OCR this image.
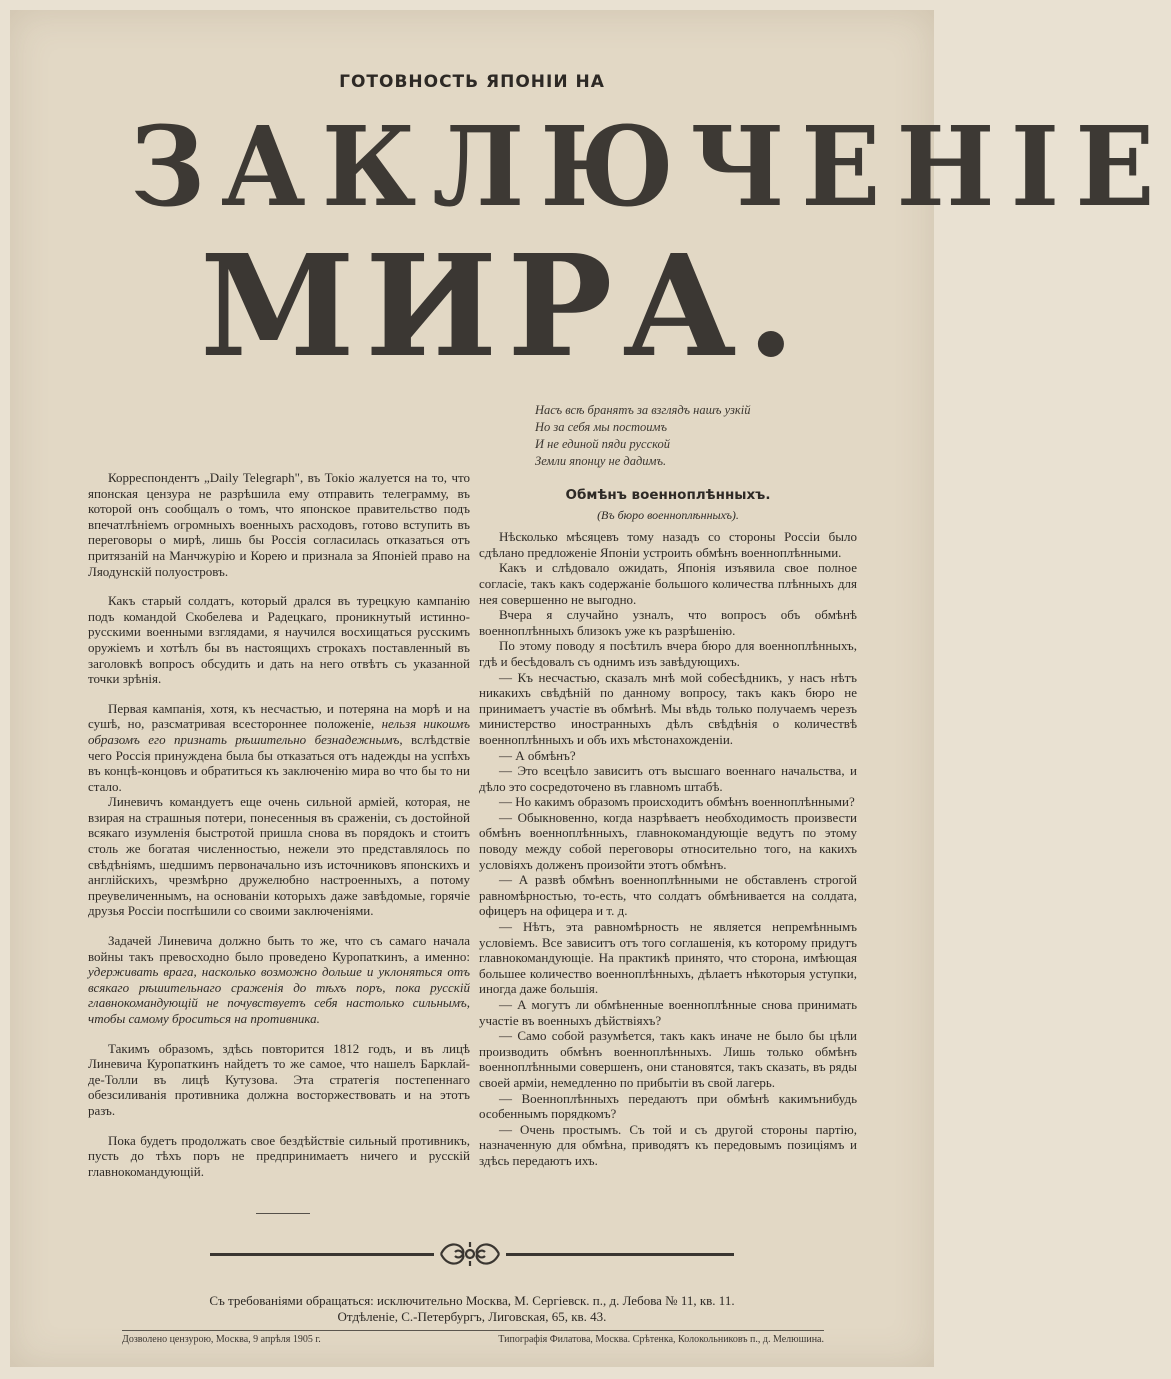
ГОТОВНОСТЬ ЯПОНІИ НА
ЗАКЛЮЧЕНІЕ
МИРА.
Насъ всѣ бранятъ за взглядъ нашъ узкій
Но за себя мы постоимъ
И не единой пяди русской
Земли японцу не дадимъ.

Корреспондентъ „Daily Telegraph", въ Токіо жалуется на то, что японская цензура не разрѣшила ему отправить телеграмму, въ которой онъ сообщалъ о томъ, что японское правительство подъ впечатлѣніемъ огромныхъ военныхъ расходовъ, готово вступить въ переговоры о мирѣ, лишь бы Россія согласилась отказаться отъ притязаній на Манчжурію и Корею и признала за Японіей право на Ляодунскій полуостровъ.

Какъ старый солдатъ, который дрался въ турецкую кампанію подъ командой Скобелева и Радецкаго, проникнутый истинно-русскими военными взглядами, я научился восхищаться русскимъ оружіемъ и хотѣлъ бы въ настоящихъ строкахъ поставленный въ заголовкѣ вопросъ обсудить и дать на него отвѣтъ съ указанной точки зрѣнія.

Первая кампанія, хотя, къ несчастью, и потеряна на морѣ и на сушѣ, но, разсматривая всестороннее положеніе, нельзя никоимъ образомъ его признать рѣшительно безнадежнымъ, вслѣдствіе чего Россія принуждена была бы отказаться отъ надежды на успѣхъ въ концѣ-концовъ и обратиться къ заключенію мира во что бы то ни стало.

Линевичъ командуетъ еще очень сильной арміей, которая, не взирая на страшныя потери, понесенныя въ сраженіи, съ достойной всякаго изумленія быстротой пришла снова въ порядокъ и стоитъ столь же богатая численностью, нежели это представлялось по свѣдѣніямъ, шедшимъ первоначально изъ источниковъ японскихъ и англійскихъ, чрезмѣрно дружелюбно настроенныхъ, а потому преувеличеннымъ, на основаніи которыхъ даже завѣдомые, горячіе друзья Россіи поспѣшили со своими заключеніями.

Задачей Линевича должно быть то же, что съ самаго начала войны такъ превосходно было проведено Куропаткинъ, а именно: удерживать врага, насколько возможно дольше и уклоняться отъ всякаго рѣшительнаго сраженія до тѣхъ поръ, пока русскій главнокомандующій не почувствуетъ себя настолько сильнымъ, чтобы самому броситься на противника.

Такимъ образомъ, здѣсь повторится 1812 годъ, и въ лицѣ Линевича Куропаткинъ найдетъ то же самое, что нашелъ Барклай-де-Толли въ лицѣ Кутузова. Эта стратегія постепеннаго обезсиливанія противника должна восторжествовать и на этотъ разъ.

Пока будетъ продолжать свое бездѣйствіе сильный противникъ, пусть до тѣхъ поръ не предпринимаетъ ничего и русскій главнокомандующій.

Обмѣнъ военноплѣнныхъ.
(Въ бюро военноплѣнныхъ).

Нѣсколько мѣсяцевъ тому назадъ со стороны Россіи было сдѣлано предложеніе Японіи устроить обмѣнъ военноплѣнными.

Какъ и слѣдовало ожидать, Японія изъявила свое полное согласіе, такъ какъ содержаніе большого количества плѣнныхъ для нея совершенно не выгодно.

Вчера я случайно узналъ, что вопросъ объ обмѣнѣ военноплѣнныхъ близокъ уже къ разрѣшенію.

По этому поводу я посѣтилъ вчера бюро для военноплѣнныхъ, гдѣ и бесѣдовалъ съ однимъ изъ завѣдующихъ.

— Къ несчастью, сказалъ мнѣ мой собесѣдникъ, у насъ нѣтъ никакихъ свѣдѣній по данному вопросу, такъ какъ бюро не принимаетъ участіе въ обмѣнѣ. Мы вѣдь только получаемъ черезъ министерство иностранныхъ дѣлъ свѣдѣнія о количествѣ военноплѣнныхъ и объ ихъ мѣстонахожденіи.

— А обмѣнъ?

— Это всецѣло зависитъ отъ высшаго военнаго начальства, и дѣло это сосредоточено въ главномъ штабѣ.

— Но какимъ образомъ происходитъ обмѣнъ военноплѣнными?

— Обыкновенно, когда назрѣваетъ необходимость произвести обмѣнъ военноплѣнныхъ, главнокомандующіе ведутъ по этому поводу между собой переговоры относительно того, на какихъ условіяхъ долженъ произойти этотъ обмѣнъ.

— А развѣ обмѣнъ военноплѣнными не обставленъ строгой равномѣрностью, то-есть, что солдатъ обмѣнивается на солдата, офицеръ на офицера и т. д.

— Нѣтъ, эта равномѣрность не является непремѣннымъ условіемъ. Все зависитъ отъ того соглашенія, къ которому придутъ главнокомандующіе. На практикѣ принято, что сторона, имѣющая большее количество военноплѣнныхъ, дѣлаетъ нѣкоторыя уступки, иногда даже большія.

— А могутъ ли обмѣненные военноплѣнные снова принимать участіе въ военныхъ дѣйствіяхъ?

— Само собой разумѣется, такъ какъ иначе не было бы цѣли производить обмѣнъ военноплѣнныхъ. Лишь только обмѣнъ военноплѣнными совершенъ, они становятся, такъ сказать, въ ряды своей арміи, немедленно по прибытіи въ свой лагерь.

— Военноплѣнныхъ передаютъ при обмѣнѣ какимънибудь особеннымъ порядкомъ?

— Очень простымъ. Съ той и съ другой стороны партію, назначенную для обмѣна, приводятъ къ передовымъ позиціямъ и здѣсь передаютъ ихъ.

Съ требованіями обращаться: исключительно Москва, М. Сергіевск. п., д. Лебова № 11, кв. 11.
Отдѣленіе, С.-Петербургъ, Лиговская, 65, кв. 43.
Дозволено цензурою, Москва, 9 апрѣля 1905 г.	Типографія Филатова, Москва. Срѣтенка, Колокольниковъ п., д. Мелюшина.
